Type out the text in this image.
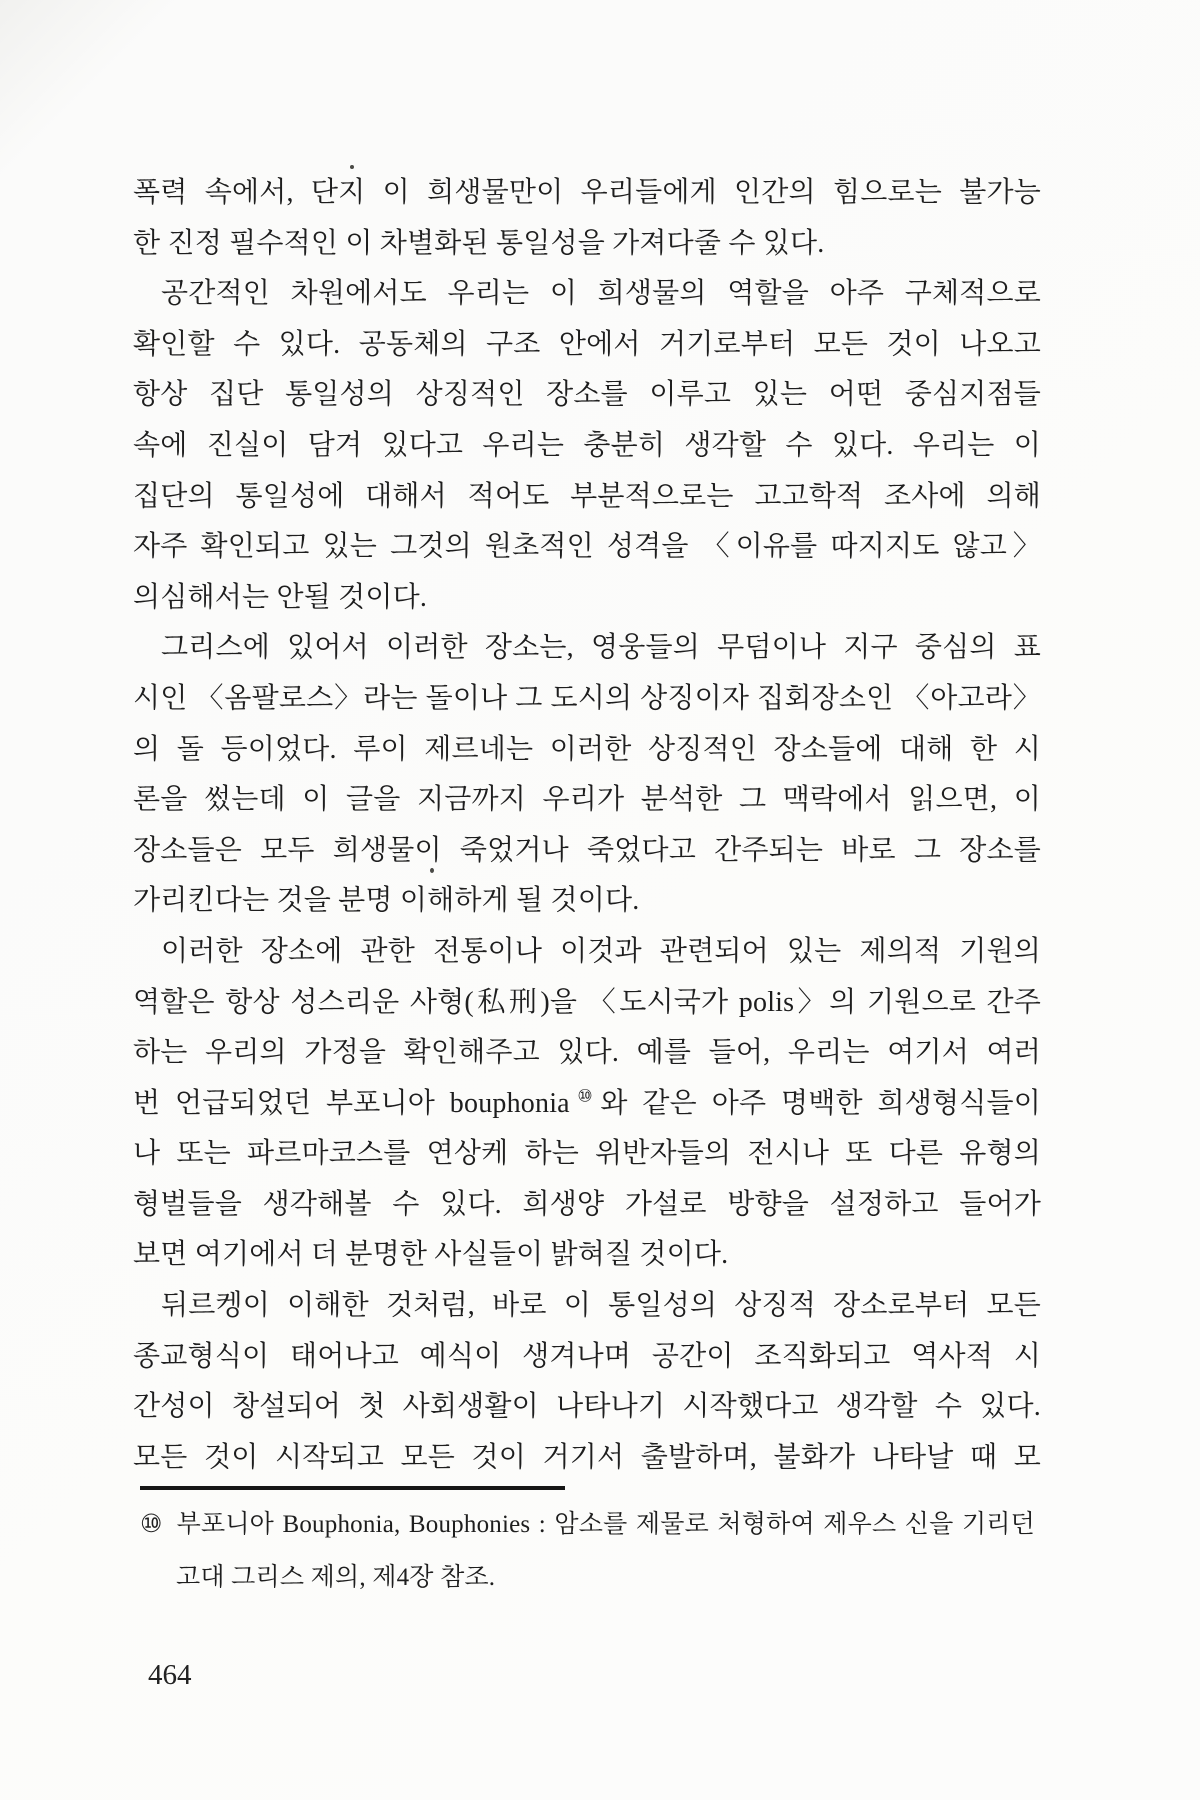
폭력 속에서, 단지 이 희생물만이 우리들에게 인간의 힘으로는 불가능
한 진정 필수적인 이 차별화된 통일성을 가져다줄 수 있다.
공간적인 차원에서도 우리는 이 희생물의 역할을 아주 구체적으로
확인할 수 있다. 공동체의 구조 안에서 거기로부터 모든 것이 나오고
항상 집단 통일성의 상징적인 장소를 이루고 있는 어떤 중심지점들
속에 진실이 담겨 있다고 우리는 충분히 생각할 수 있다. 우리는 이
집단의 통일성에 대해서 적어도 부분적으로는 고고학적 조사에 의해
자주 확인되고 있는 그것의 원초적인 성격을 〈이유를 따지지도 않고〉
의심해서는 안될 것이다.
그리스에 있어서 이러한 장소는, 영웅들의 무덤이나 지구 중심의 표
시인 〈옴팔로스〉라는 돌이나 그 도시의 상징이자 집회장소인 〈아고라〉
의 돌 등이었다. 루이 제르네는 이러한 상징적인 장소들에 대해 한 시
론을 썼는데 이 글을 지금까지 우리가 분석한 그 맥락에서 읽으면, 이
장소들은 모두 희생물이 죽었거나 죽었다고 간주되는 바로 그 장소를
가리킨다는 것을 분명 이해하게 될 것이다.
이러한 장소에 관한 전통이나 이것과 관련되어 있는 제의적 기원의
역할은 항상 성스리운 사형(私刑)을 〈도시국가 polis〉의 기원으로 간주
하는 우리의 가정을 확인해주고 있다. 예를 들어, 우리는 여기서 여러
번 언급되었던 부포니아 bouphonia⑩와 같은 아주 명백한 희생형식들이
나 또는 파르마코스를 연상케 하는 위반자들의 전시나 또 다른 유형의
형벌들을 생각해볼 수 있다. 희생양 가설로 방향을 설정하고 들어가
보면 여기에서 더 분명한 사실들이 밝혀질 것이다.
뒤르켕이 이해한 것처럼, 바로 이 통일성의 상징적 장소로부터 모든
종교형식이 태어나고 예식이 생겨나며 공간이 조직화되고 역사적 시
간성이 창설되어 첫 사회생활이 나타나기 시작했다고 생각할 수 있다.
모든 것이 시작되고 모든 것이 거기서 출발하며, 불화가 나타날 때 모
⑩ 부포니아 Bouphonia, Bouphonies : 암소를 제물로 처형하여 제우스 신을 기리던
고대 그리스 제의, 제4장 참조.
464
